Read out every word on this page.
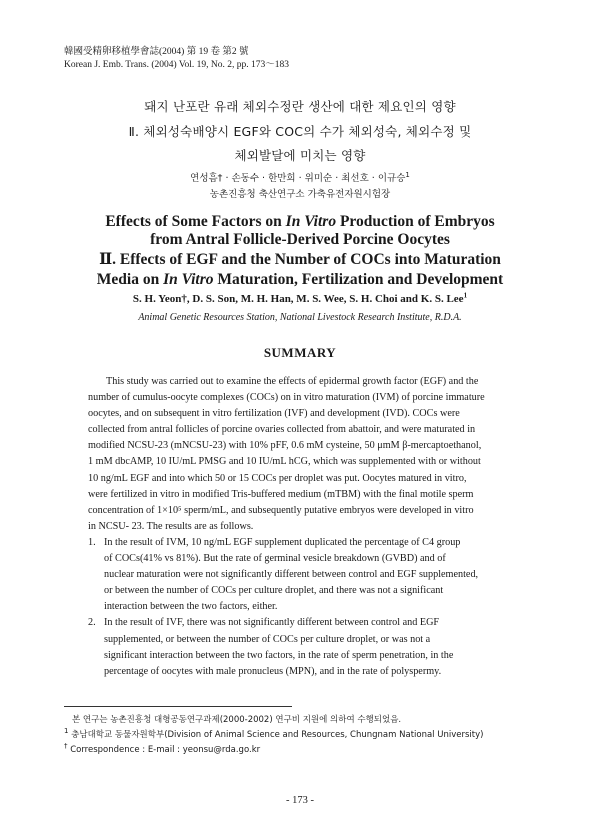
韓國受精卵移植學會誌(2004) 第 19 卷 第2 號
Korean J. Emb. Trans. (2004) Vol. 19, No. 2, pp. 173～183
돼지 난포란 유래 체외수정란 생산에 대한 제요인의 영향
Ⅱ. 체외성숙배양시 EGF와 COC의 수가 체외성숙, 체외수정 및
체외발달에 미치는 영향
연성흠† · 손동수 · 한만희 · 위미순 · 최선호 · 이규승$^1$
농촌진흥청 축산연구소 가축유전자원시험장
Effects of Some Factors on In Vitro Production of Embryos
from Antral Follicle-Derived Porcine Oocytes
Ⅱ. Effects of EGF and the Number of COCs into Maturation
Media on In Vitro Maturation, Fertilization and Development
S. H. Yeon†, D. S. Son, M. H. Han, M. S. Wee, S. H. Choi and K. S. Lee$^1$
Animal Genetic Resources Station, National Livestock Research Institute, R.D.A.
SUMMARY
This study was carried out to examine the effects of epidermal growth factor (EGF) and the
number of cumulus-oocyte complexes (COCs) on in vitro maturation (IVM) of porcine immature
oocytes, and on subsequent in vitro fertilization (IVF) and development (IVD). COCs were
collected from antral follicles of porcine ovaries collected from abattoir, and were maturated in
modified NCSU-23 (mNCSU-23) with 10% pFF, 0.6 mM cysteine, 50 μmM β-mercaptoethanol,
1 mM dbcAMP, 10 IU/mL PMSG and 10 IU/mL hCG, which was supplemented with or without
10 ng/mL EGF and into which 50 or 15 COCs per droplet was put. Oocytes matured in vitro,
were fertilized in vitro in modified Tris-buffered medium (mTBM) with the final motile sperm
concentration of 1×10⁵ sperm/mL, and subsequently putative embryos were developed in vitro
in NCSU- 23. The results are as follows.
1. In the result of IVM, 10 ng/mL EGF supplement duplicated the percentage of C4 group
of COCs(41% vs 81%). But the rate of germinal vesicle breakdown (GVBD) and of
nuclear maturation were not significantly different between control and EGF supplemented,
or between the number of COCs per culture droplet, and there was not a significant
interaction between the two factors, either.
2. In the result of IVF, there was not significantly different between control and EGF
supplemented, or between the number of COCs per culture droplet, or was not a
significant interaction between the two factors, in the rate of sperm penetration, in the
percentage of oocytes with male pronucleus (MPN), and in the rate of polyspermy.
본 연구는 농촌진흥청 대형공동연구과제(2000-2002) 연구비 지원에 의하여 수행되었음.
$^1$ 충남대학교 동물자원학부(Division of Animal Science and Resources, Chungnam National University)
† Correspondence : E-mail : yeonsu@rda.go.kr
- 173 -
